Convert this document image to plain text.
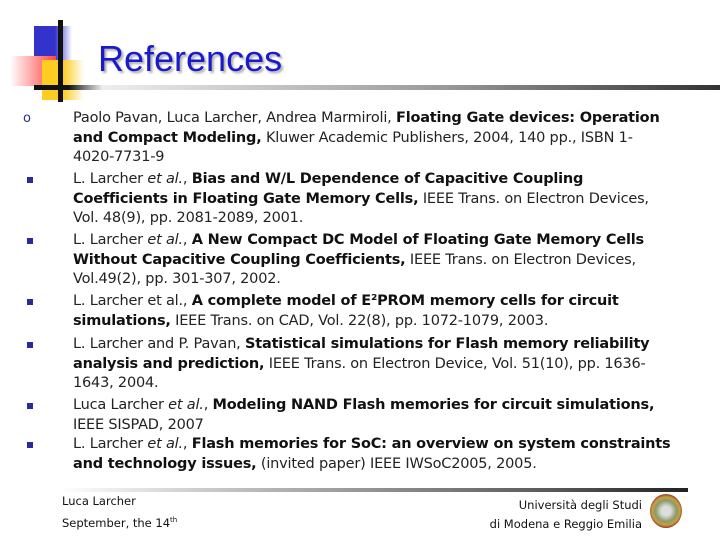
References
o	Paolo Pavan, Luca Larcher, Andrea Marmiroli, Floating Gate devices: Operation and Compact Modeling, Kluwer Academic Publishers, 2004, 140 pp., ISBN 1-4020-7731-9
L. Larcher et al., Bias and W/L Dependence of Capacitive Coupling Coefficients in Floating Gate Memory Cells, IEEE Trans. on Electron Devices, Vol. 48(9), pp. 2081-2089, 2001.
L. Larcher et al., A New Compact DC Model of Floating Gate Memory Cells Without Capacitive Coupling Coefficients, IEEE Trans. on Electron Devices, Vol.49(2), pp. 301-307, 2002.
L. Larcher et al., A complete model of E²PROM memory cells for circuit simulations, IEEE Trans. on CAD, Vol. 22(8), pp. 1072-1079, 2003.
L. Larcher and P. Pavan, Statistical simulations for Flash memory reliability analysis and prediction, IEEE Trans. on Electron Device, Vol. 51(10), pp. 1636-1643, 2004.
Luca Larcher et al., Modeling NAND Flash memories for circuit simulations, IEEE SISPAD, 2007
L. Larcher et al., Flash memories for SoC: an overview on system constraints and technology issues, (invited paper) IEEE IWSoC2005, 2005.
Luca Larcher
September, the 14th
Università degli Studi
di Modena e Reggio Emilia
